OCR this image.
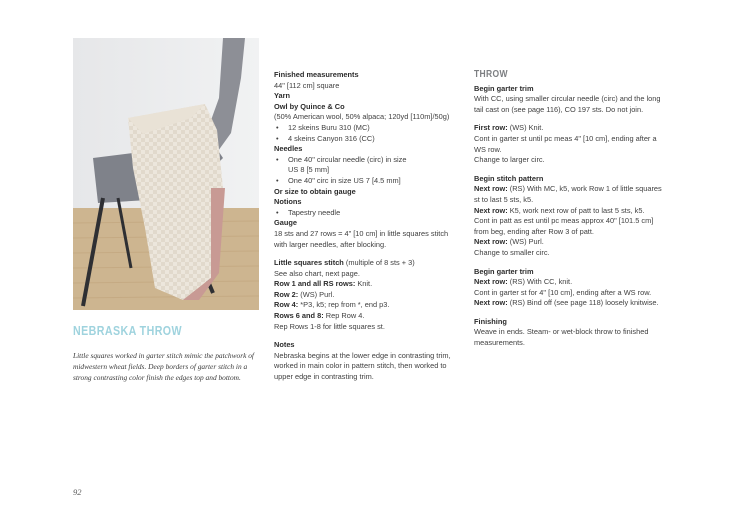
NEBRASKA THROW
Little squares worked in garter stitch mimic the patchwork of midwestern wheat fields. Deep borders of garter stitch in a strong contrasting color finish the edges top and bottom.

Finished measurements

44" [112 cm] square

Yarn

Owl by Quince & Co

(50% American wool, 50% alpaca; 120yd [110m]/50g)

• 12 skeins Buru 310 (MC)

• 4 skeins Canyon 316 (CC)

Needles

• One 40" circular needle (circ) in size

US 8 [5 mm]

• One 40" circ in size US 7 [4.5 mm]

Or size to obtain gauge

Notions

• Tapestry needle

Gauge

18 sts and 27 rows = 4" [10 cm] in little squares stitch with larger needles, after blocking.

Little squares stitch (multiple of 8 sts + 3)

See also chart, next page.

Row 1 and all RS rows: Knit.

Row 2: (WS) Purl.

Row 4: *P3, k5; rep from *, end p3.

Rows 6 and 8: Rep Row 4.

Rep Rows 1-8 for little squares st.

Notes

Nebraska begins at the lower edge in contrasting trim, worked in main color in pattern stitch, then worked to upper edge in contrasting trim.

THROW

Begin garter trim

With CC, using smaller circular needle (circ) and the long tail cast on (see page 116), CO 197 sts. Do not join.

First row: (WS) Knit.

Cont in garter st until pc meas 4" [10 cm], ending after a WS row.

Change to larger circ.

Begin stitch pattern

Next row: (RS) With MC, k5, work Row 1 of little squares st to last 5 sts, k5.

Next row: K5, work next row of patt to last 5 sts, k5.

Cont in patt as est until pc meas approx 40" [101.5 cm] from beg, ending after Row 3 of patt.

Next row: (WS) Purl.

Change to smaller circ.

Begin garter trim

Next row: (RS) With CC, knit.

Cont in garter st for 4" [10 cm], ending after a WS row.

Next row: (RS) Bind off (see page 118) loosely knitwise.

Finishing

Weave in ends. Steam- or wet-block throw to finished measurements.

92
